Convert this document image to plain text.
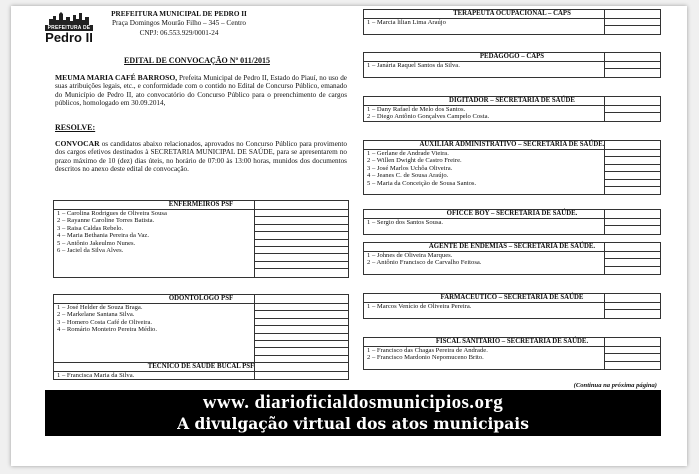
PREFEITURA DE
Pedro II
PREFEITURA MUNICIPAL DE PEDRO II
Praça Domingos Mourão Filho – 345 – Centro
CNPJ: 06.553.929/0001-24
EDITAL DE CONVOCAÇÃO Nº 011/2015
MEUMA MARIA CAFÉ BARROSO, Prefeita Municipal de Pedro II, Estado do Piauí, no uso de suas atribuições legais, etc., e conformidade com o contido no Edital de Concurso Público, emanado do Município de Pedro II, ato convocatório do Concurso Público para o preenchimento de cargos públicos, homologado em 30.09.2014,
RESOLVE:
CONVOCAR os candidatos abaixo relacionados, aprovados no Concurso Público para provimento dos cargos efetivos destinados à SECRETARIA MUNICIPAL DE SAÚDE, para se apresentarem no prazo máximo de 10 (dez) dias úteis, no horário de 07:00 às 13:00 horas, munidos dos documentos descritos no anexo deste edital de convocação.
ENFERMEIROS PSF
1 – Carolina Rodrigues de Oliveira Sousa
2 – Rayanne Caroline Torres Batista.
3 – Raisa Caldas Rebelo.
4 – Maria Bethania Pereira da Vaz.
5 – Antônio Jakeulmo Nunes.
6 – Jaciel da Silva Alves.

ODONTOLOGO PSF
1 – José Helder de Souza Braga.
2 – Markelane Santana Silva.
3 – Homero Costa Café de Oliveira.
4 – Romário Monteiro Pereira Médio.

TECNICO DE SAUDE BUCAL PSF
1 – Francisca Maria da Silva.
TERAPEUTA OCUPACIONAL – CAPS
1 – Marcia lilian Lima Araújo

PEDAGOGO – CAPS
1 – Janária Raquel Santos da Silva.

DIGITADOR – SECRETARIA DE SAÚDE
1 – Dany Rafael de Melo dos Santos.
2 – Diego Antônio Gonçalves Campelo Costa.
AUXILIAR ADMINISTRATIVO – SECRETARIA DE SAÚDE.
1 – Gerlane de Andrade Vieira.
2 – Willen Dwight de Castro Freire.
3 – José Marlos Uchôa Oliveira.
4 – Jeanes C. de Sousa Araújo.
5 – Maria da Conceição de Sousa Santos.

OFICCE BOY – SECRETARIA DE SAÚDE.
1 – Sergio dos Santos Sousa.

AGENTE DE ENDEMIAS – SECRETARIA DE SAÚDE.
1 – Johnes de Oliveira Marques.
2 – Antônio Francisco de Carvalho Feitosa.

FARMACEUTICO – SECRETARIA DE SAÚDE
1 – Marcos Venício de Oliveira Pereira.

FISCAL SANITARIO – SECRETARIA DE SAÚDE.
1 – Francisco das Chagas Pereira de Andrade.
2 – Francisco Mardonio Nepomuceno Brito.

(Continua na próxima página)
www. diarioficialdosmunicipios.org
A divulgação virtual dos atos municipais
